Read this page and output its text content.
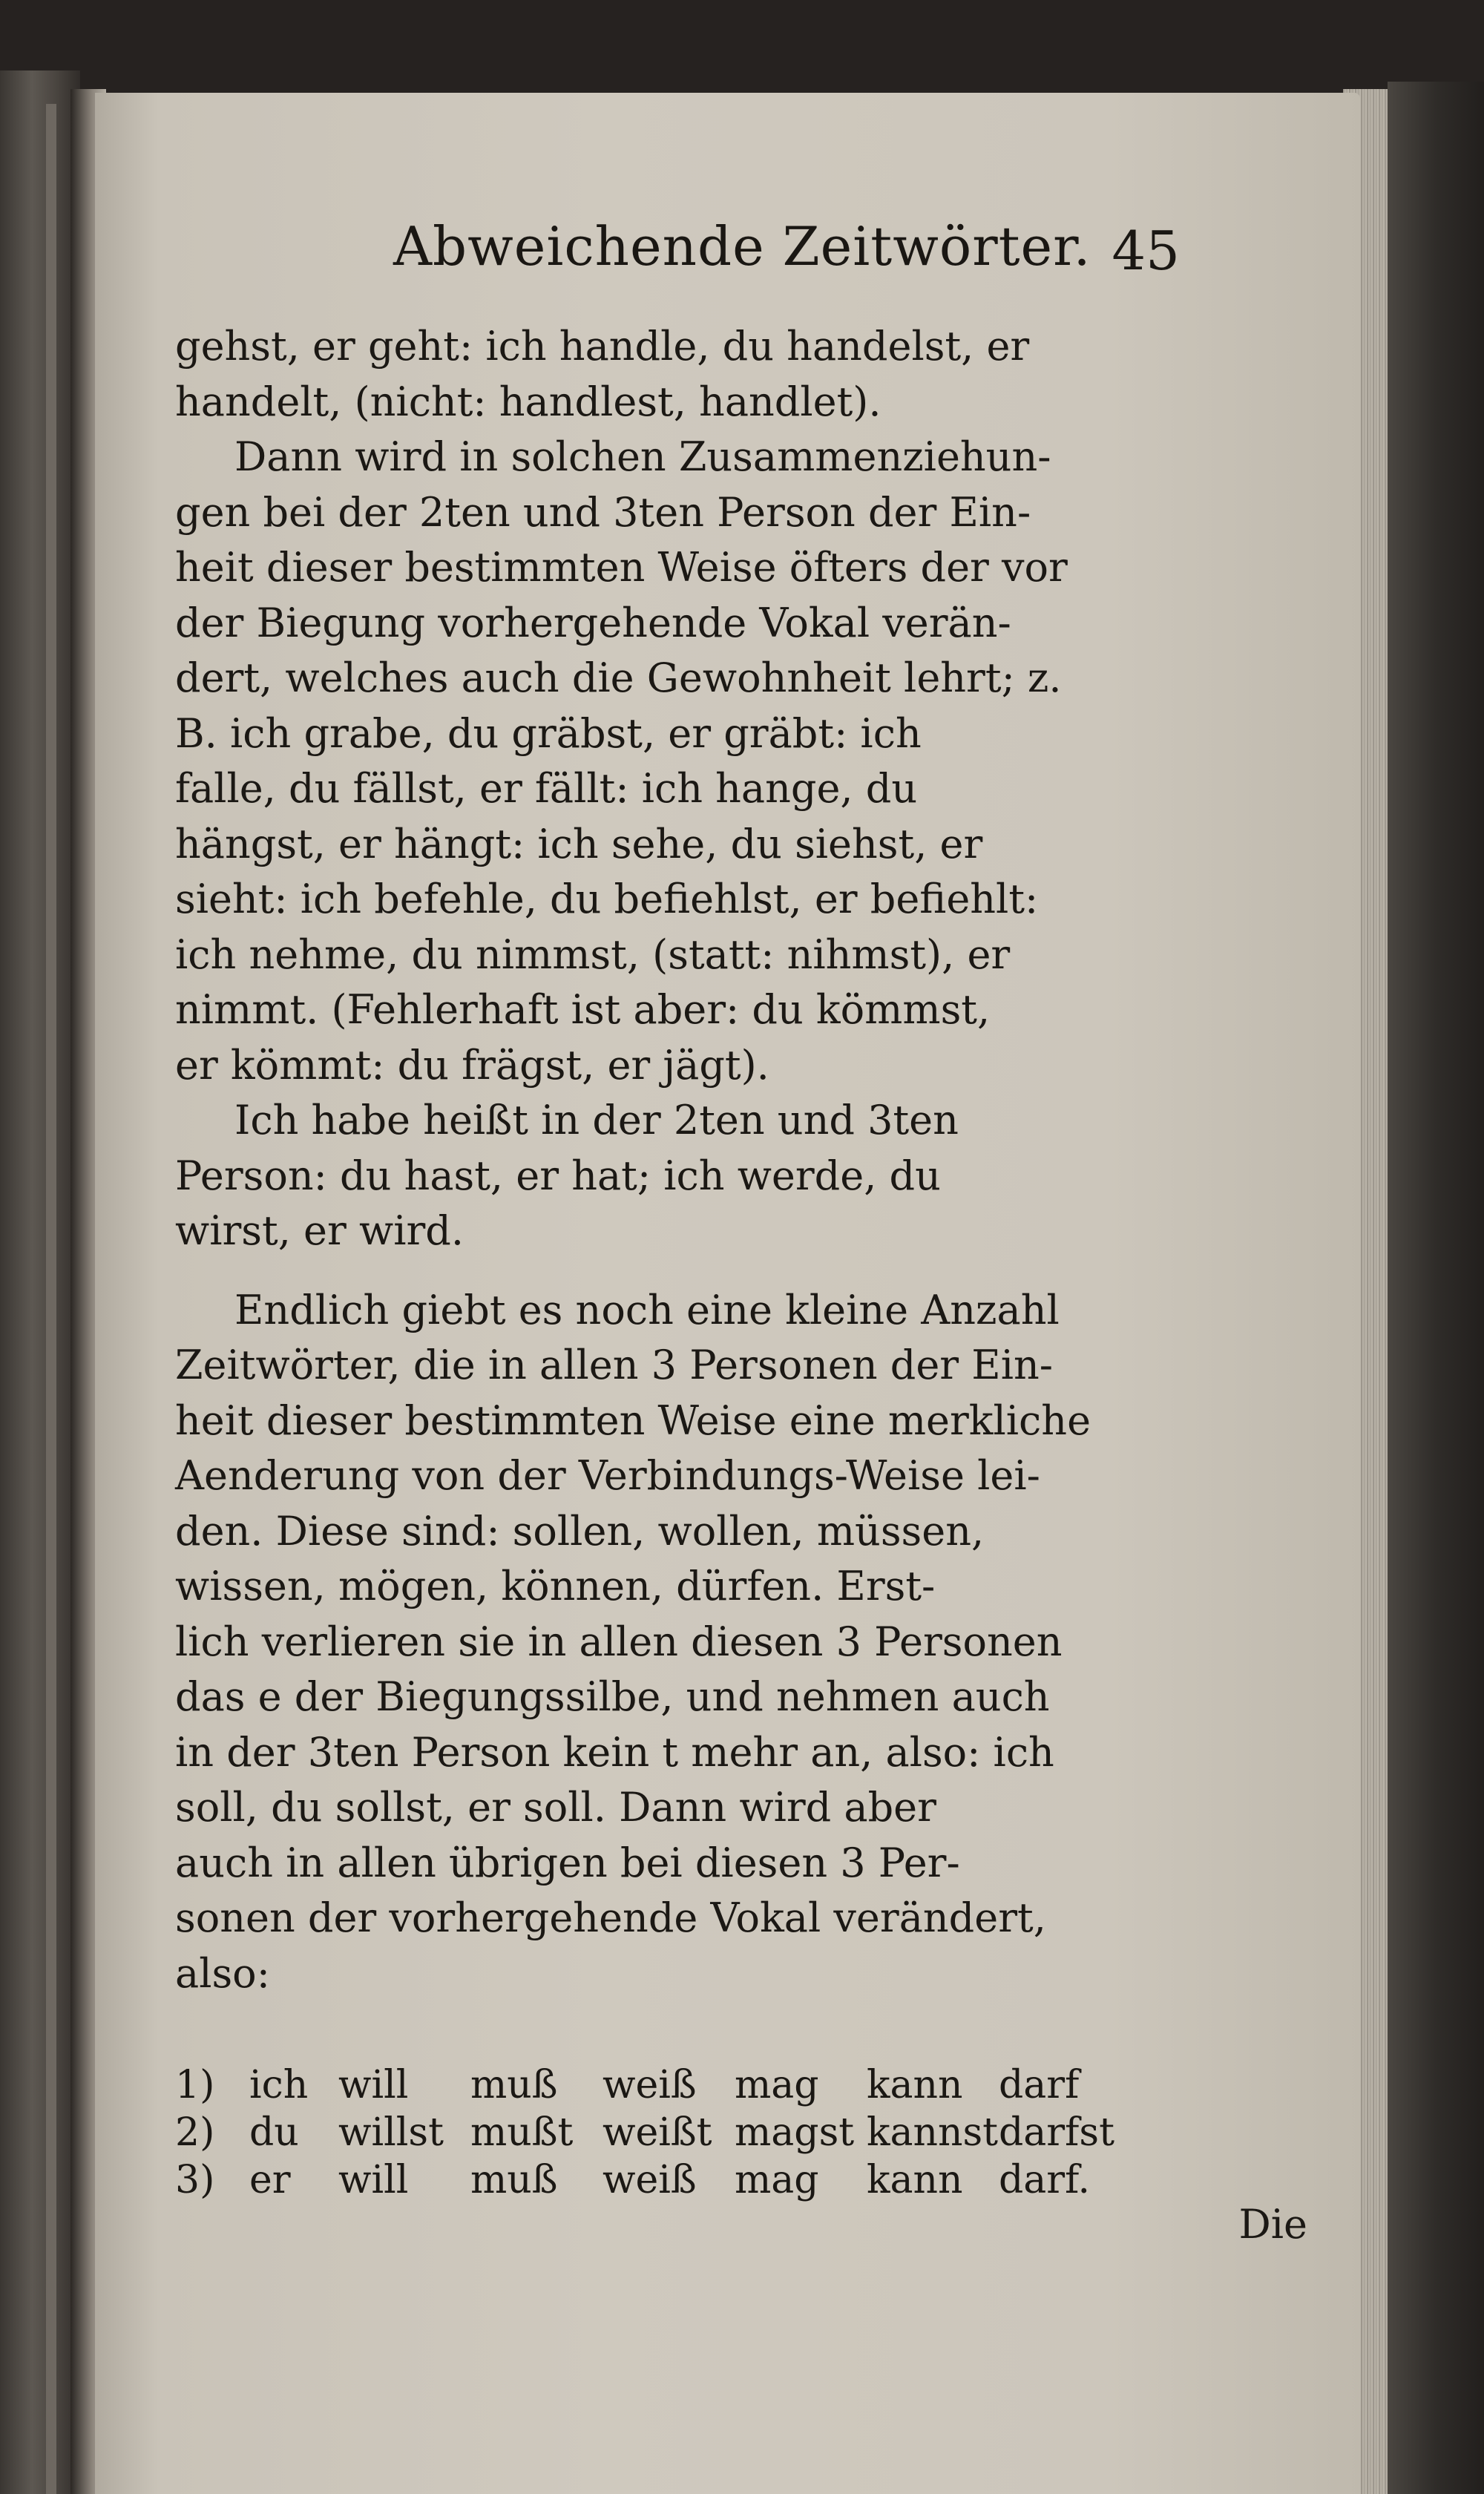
Abweichende Zeitwörter. 45
gehst, er geht: ich handle, du handelst, er
handelt, (nicht: handlest, handlet).
Dann wird in solchen Zusammenziehun-
gen bei der 2ten und 3ten Person der Ein-
heit dieser bestimmten Weise öfters der vor
der Biegung vorhergehende Vokal verän-
dert, welches auch die Gewohnheit lehrt; z.
B. ich grabe, du gräbst, er gräbt: ich
falle, du fällst, er fällt: ich hange, du
hängst, er hängt: ich sehe, du siehst, er
sieht: ich befehle, du befiehlst, er befiehlt:
ich nehme, du nimmst, (statt: nihmst), er
nimmt. (Fehlerhaft ist aber: du kömmst,
er kömmt: du frägst, er jägt).
Ich habe heißt in der 2ten und 3ten
Person: du hast, er hat; ich werde, du
wirst, er wird.
Endlich giebt es noch eine kleine Anzahl
Zeitwörter, die in allen 3 Personen der Ein-
heit dieser bestimmten Weise eine merkliche
Aenderung von der Verbindungs-Weise lei-
den. Diese sind: sollen, wollen, müssen,
wissen, mögen, können, dürfen. Erst-
lich verlieren sie in allen diesen 3 Personen
das e der Biegungssilbe, und nehmen auch
in der 3ten Person kein t mehr an, also: ich
soll, du sollst, er soll. Dann wird aber
auch in allen übrigen bei diesen 3 Per-
sonen der vorhergehende Vokal verändert,
also:
1) ich will	muß	weiß mag	kann darf
2) du	willst mußt weißt magst kannst darfst
3) er	will	muß	weiß mag	kann darf.
Die
